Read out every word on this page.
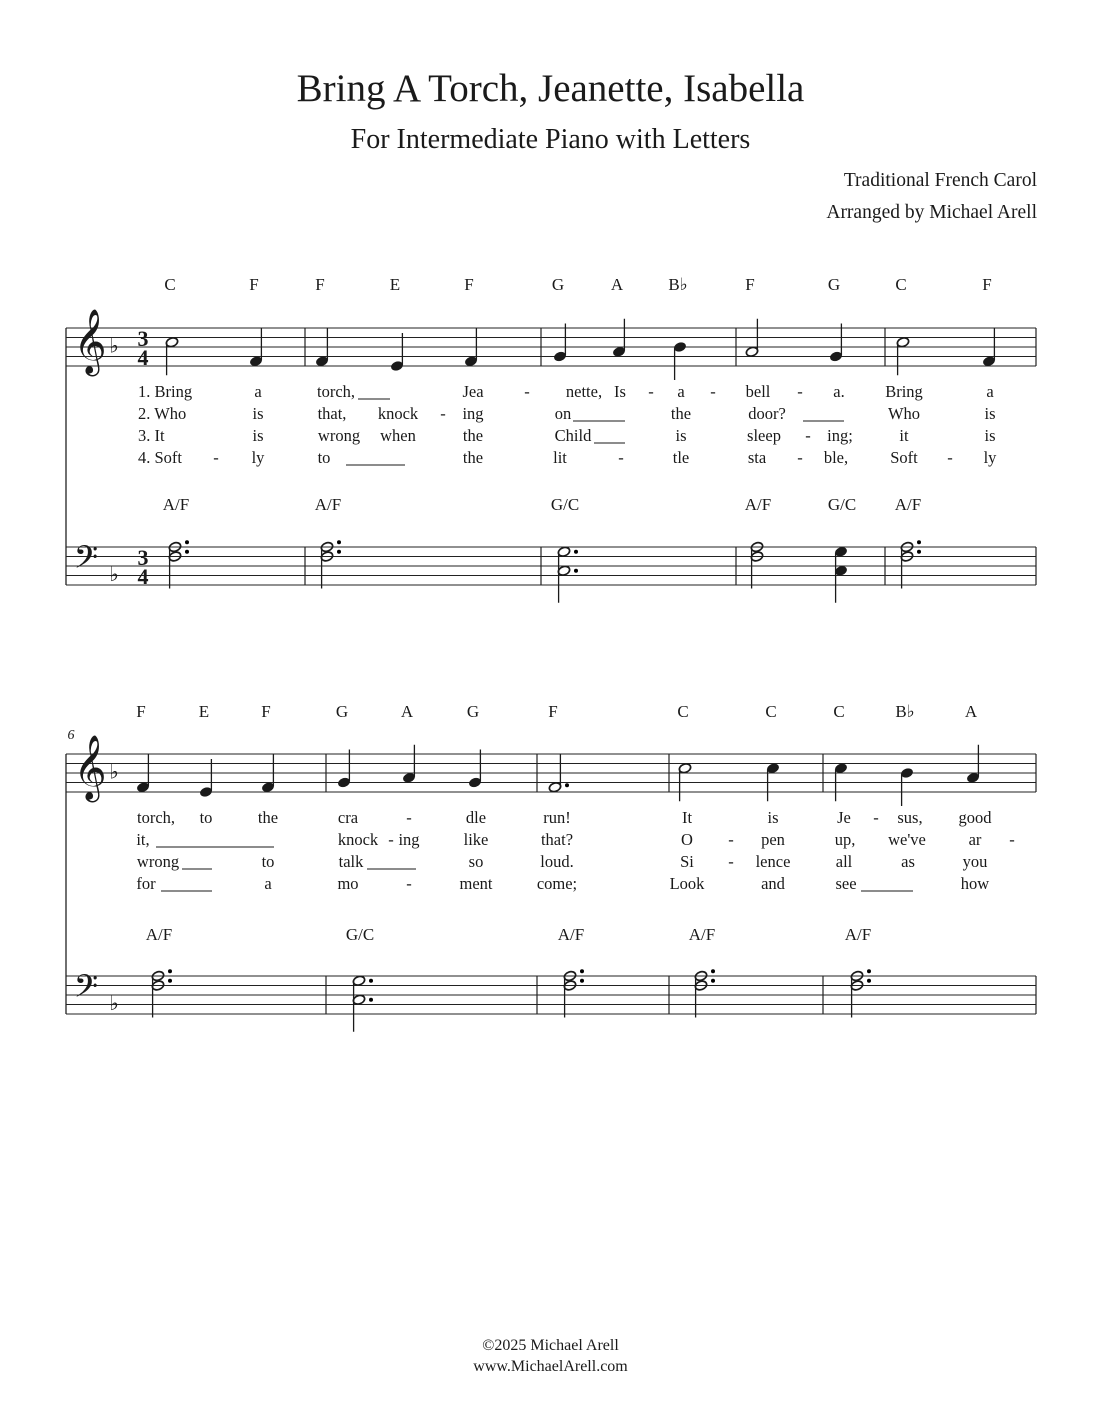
Bring A Torch, Jeanette, Isabella
For Intermediate Piano with Letters
Traditional French Carol
Arranged by Michael Arell
𝄞
𝄢
♭
♭
3
4
3
4
C	F	F	E	F	G	A	B♭	F	G	C	F
1. Bring	a	torch,	Jea - nette, Is - a - bell - a. Bring	a
2. Who	is	that, knock - ing	on	the	door?	Who	is
3. It	is	wrong when	the	Child	is	sleep - ing;	it	is
4. Soft - ly	to	the	lit	-	tle	sta - ble,	Soft - ly
A/F	A/F	G/C	A/F	G/C A/F
𝄞
𝄢
♭
♭
6
F	E	F	G	A	G	F	C	C	C	B♭	A
torch, to	the	cra	-	dle	run!	It	is	Je - sus, good
it,	knock - ing	like	that?	O - pen	up, we've	ar -
wrong	to	talk	so	loud.	Si - lence	all	as	you
for	a	mo	-	ment	come;	Look	and	see	how
A/F	G/C	A/F	A/F	A/F
©2025 Michael Arell
www.MichaelArell.com
